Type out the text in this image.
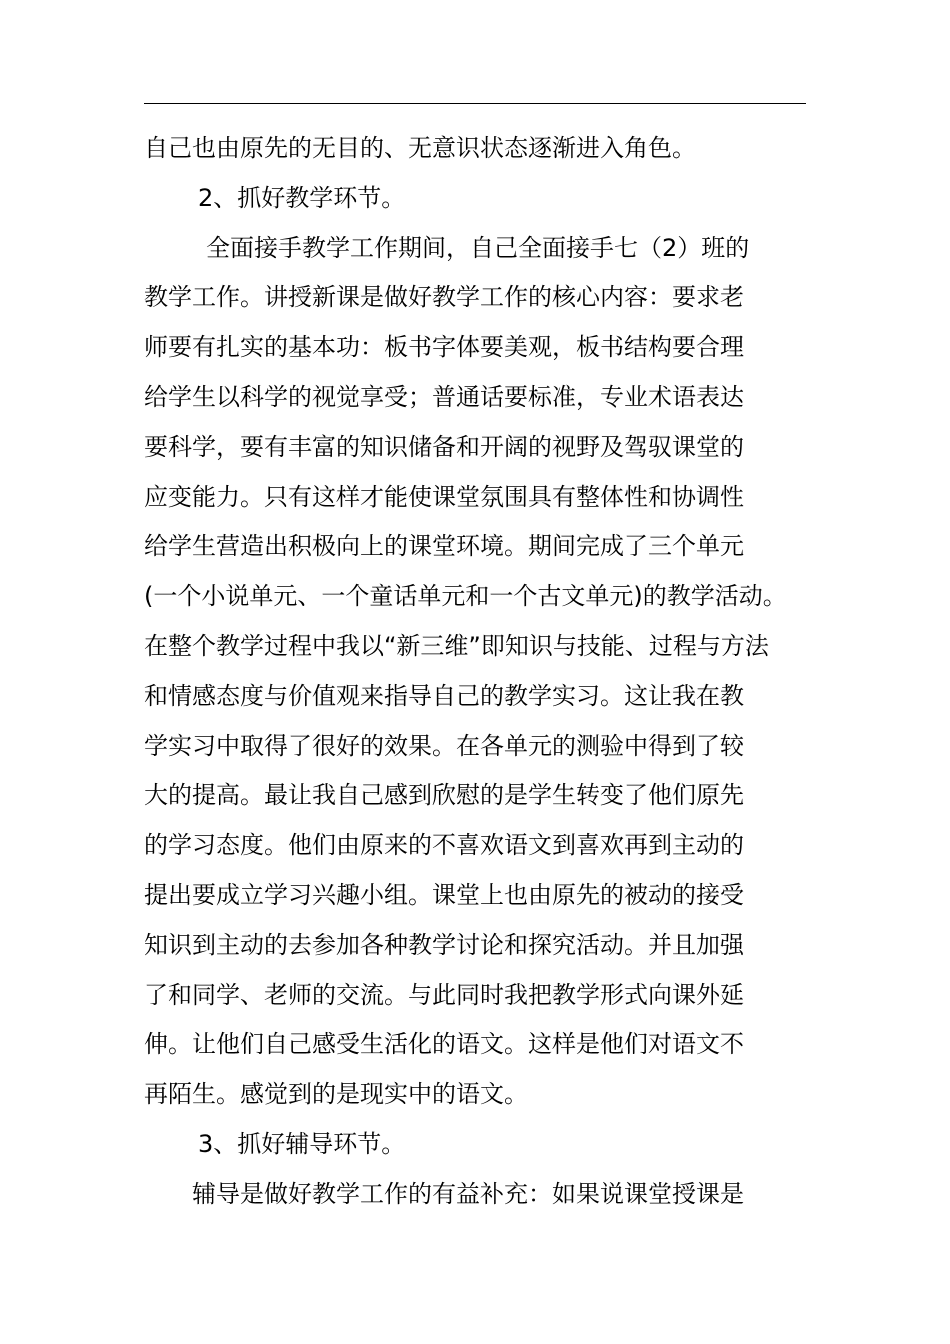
自己也由原先的无目的、无意识状态逐渐进入角色。
2、抓好教学环节。
全面接手教学工作期间，自己全面接手七（2）班的
教学工作。讲授新课是做好教学工作的核心内容：要求老
师要有扎实的基本功：板书字体要美观，板书结构要合理
给学生以科学的视觉享受；普通话要标准，专业术语表达
要科学，要有丰富的知识储备和开阔的视野及驾驭课堂的
应变能力。只有这样才能使课堂氛围具有整体性和协调性
给学生营造出积极向上的课堂环境。期间完成了三个单元
(一个小说单元、一个童话单元和一个古文单元)的教学活动。
在整个教学过程中我以“新三维”即知识与技能、过程与方法
和情感态度与价值观来指导自己的教学实习。这让我在教
学实习中取得了很好的效果。在各单元的测验中得到了较
大的提高。最让我自己感到欣慰的是学生转变了他们原先
的学习态度。他们由原来的不喜欢语文到喜欢再到主动的
提出要成立学习兴趣小组。课堂上也由原先的被动的接受
知识到主动的去参加各种教学讨论和探究活动。并且加强
了和同学、老师的交流。与此同时我把教学形式向课外延
伸。让他们自己感受生活化的语文。这样是他们对语文不
再陌生。感觉到的是现实中的语文。
3、抓好辅导环节。
辅导是做好教学工作的有益补充：如果说课堂授课是
